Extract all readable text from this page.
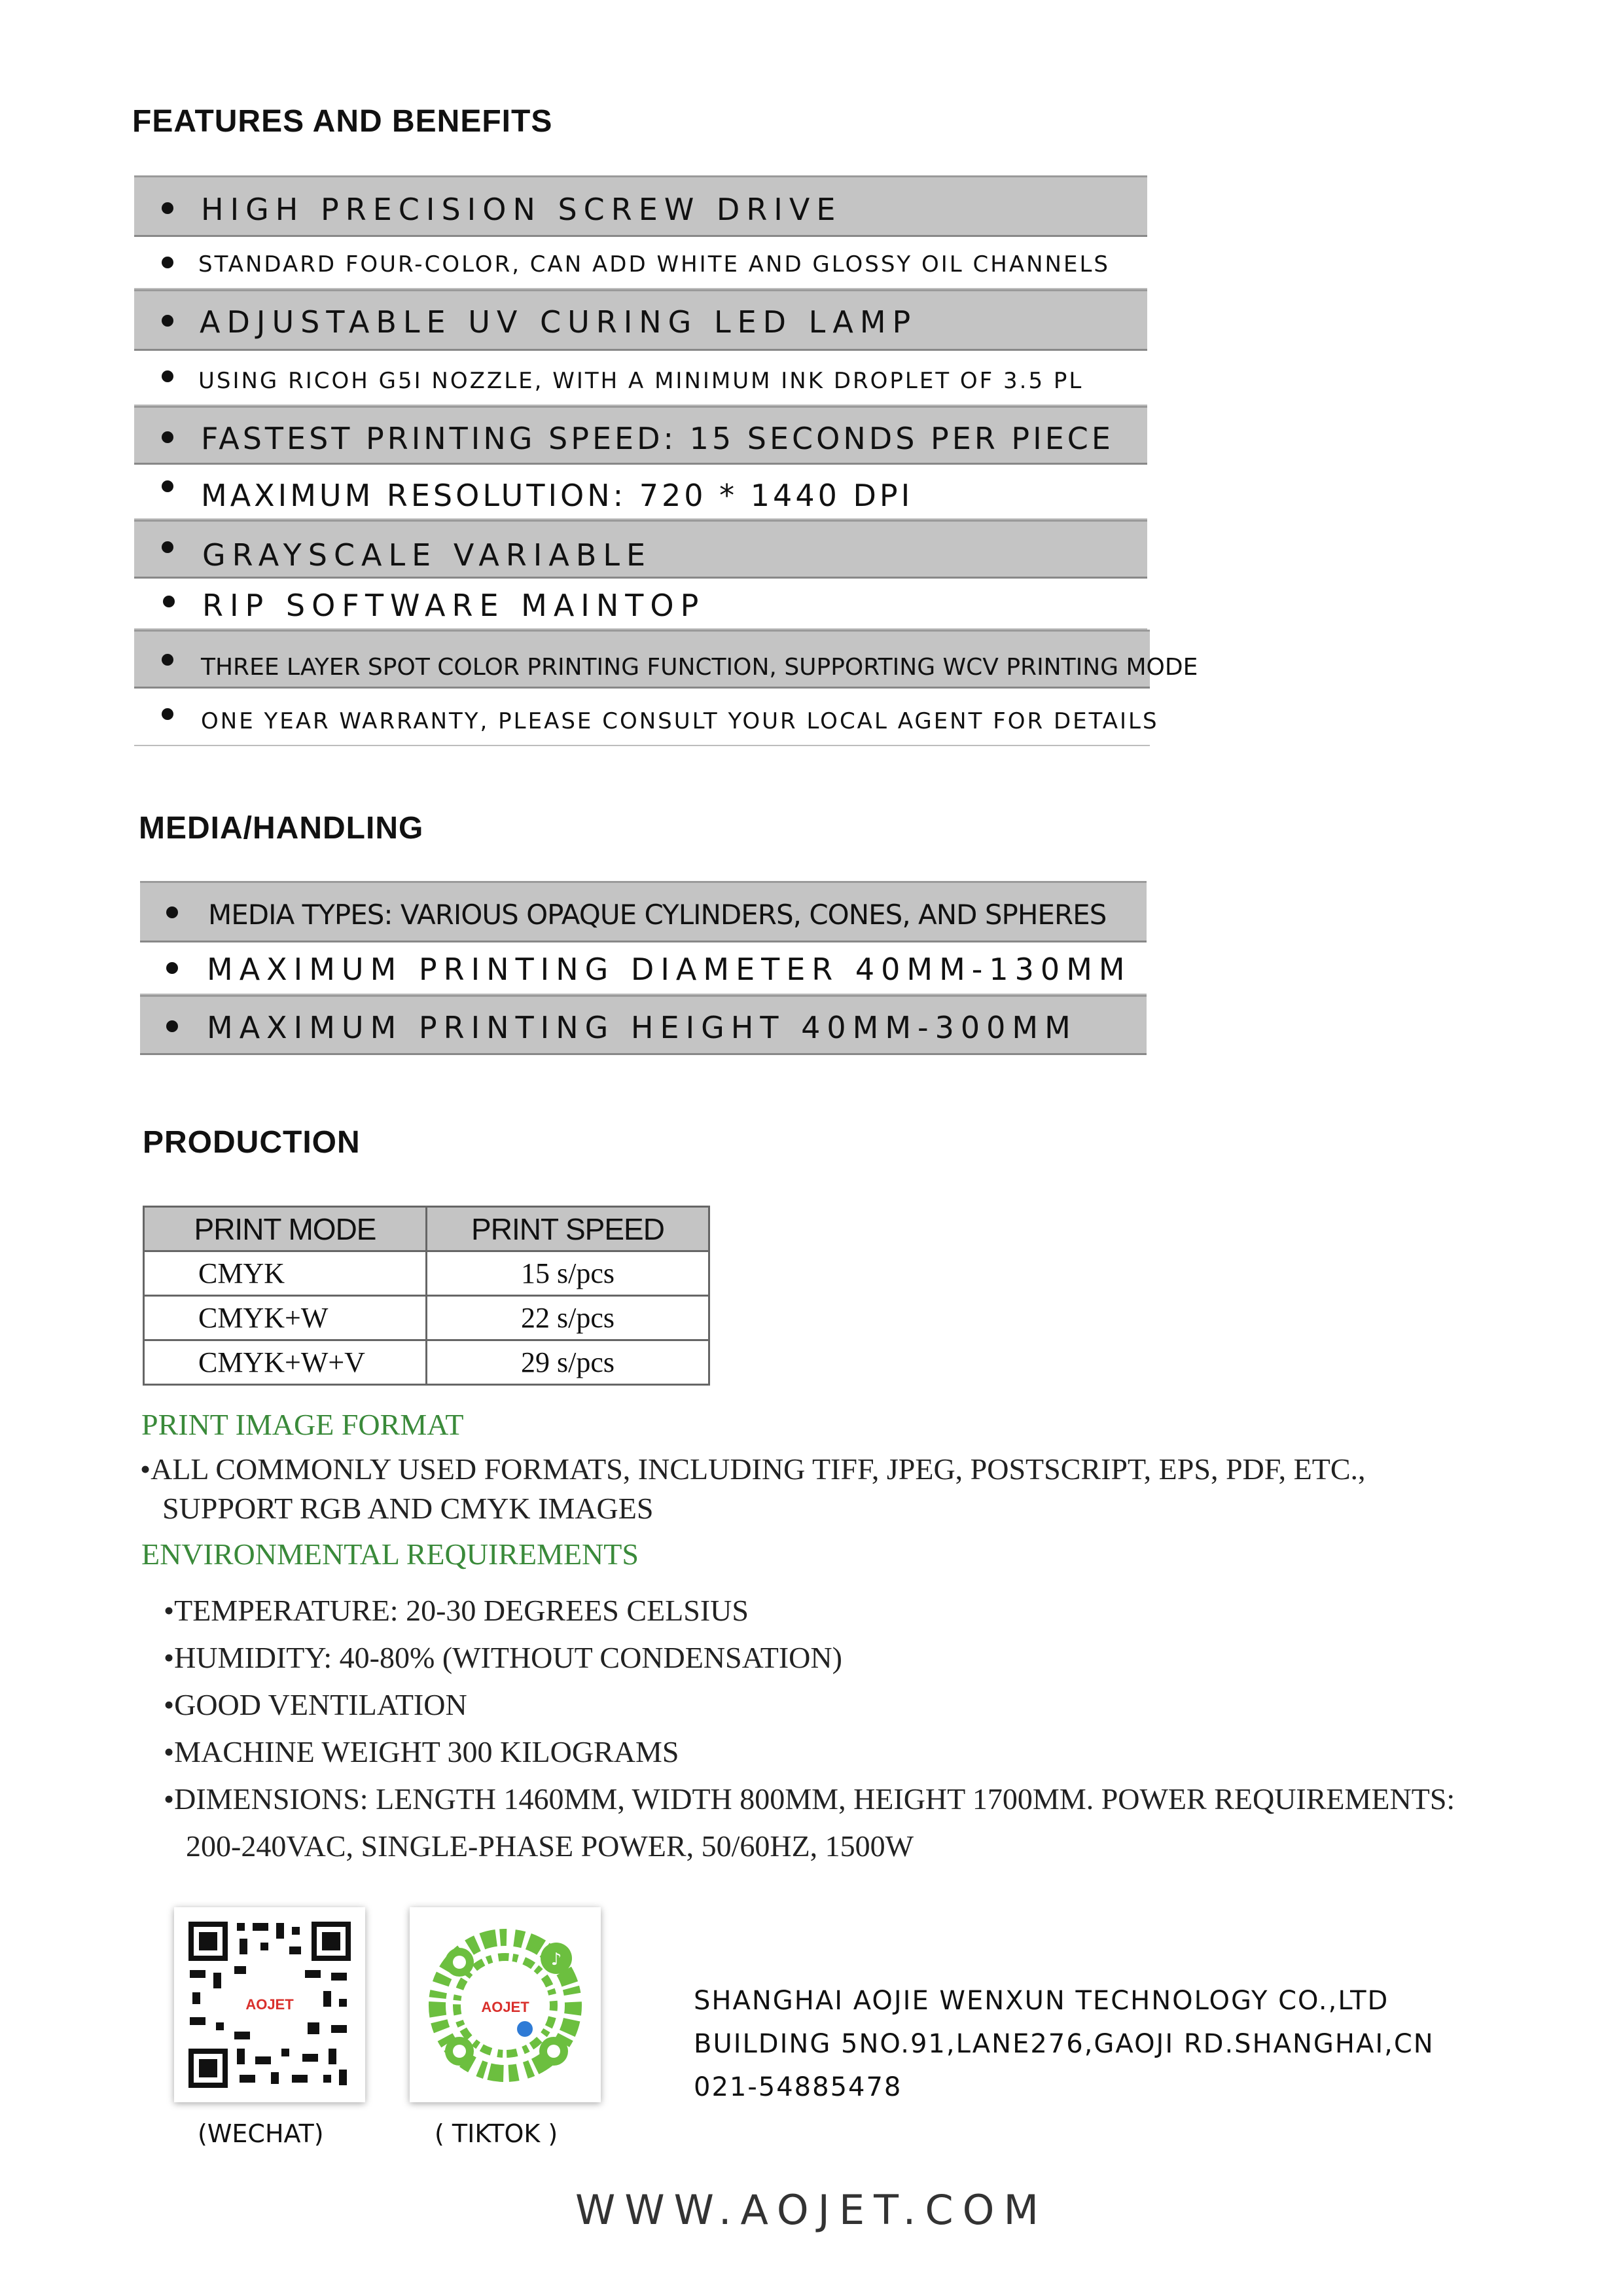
FEATURES AND BENEFITS
HIGH PRECISION SCREW DRIVE
STANDARD FOUR-COLOR, CAN ADD WHITE AND GLOSSY OIL CHANNELS
ADJUSTABLE UV CURING LED LAMP
USING RICOH G5I NOZZLE, WITH A MINIMUM INK DROPLET OF 3.5 PL
FASTEST PRINTING SPEED: 15 SECONDS PER PIECE
MAXIMUM RESOLUTION: 720 * 1440 DPI
GRAYSCALE VARIABLE
RIP SOFTWARE MAINTOP
THREE LAYER SPOT COLOR PRINTING FUNCTION, SUPPORTING WCV PRINTING MODE
ONE YEAR WARRANTY, PLEASE CONSULT YOUR LOCAL AGENT FOR DETAILS
MEDIA/HANDLING
MEDIA TYPES: VARIOUS OPAQUE CYLINDERS, CONES, AND SPHERES
MAXIMUM PRINTING DIAMETER 40MM-130MM
MAXIMUM PRINTING HEIGHT 40MM-300MM
PRODUCTION
PRINT MODE	PRINT SPEED
CMYK	15 s/pcs
CMYK+W	22 s/pcs
CMYK+W+V	29 s/pcs
PRINT IMAGE FORMAT
•ALL COMMONLY USED FORMATS, INCLUDING TIFF, JPEG, POSTSCRIPT, EPS, PDF, ETC.,
SUPPORT RGB AND CMYK IMAGES
ENVIRONMENTAL REQUIREMENTS
•TEMPERATURE: 20-30 DEGREES CELSIUS
•HUMIDITY: 40-80% (WITHOUT CONDENSATION)
•GOOD VENTILATION
•MACHINE WEIGHT 300 KILOGRAMS
•DIMENSIONS: LENGTH 1460MM, WIDTH 800MM, HEIGHT 1700MM. POWER REQUIREMENTS:
200-240VAC, SINGLE-PHASE POWER, 50/60HZ, 1500W
AOJET
(WECHAT)
♪
AOJET
( TIKTOK )
SHANGHAI AOJIE WENXUN TECHNOLOGY CO.,LTD
BUILDING 5NO.91,LANE276,GAOJI RD.SHANGHAI,CN
021-54885478
WWW.AOJET.COM
